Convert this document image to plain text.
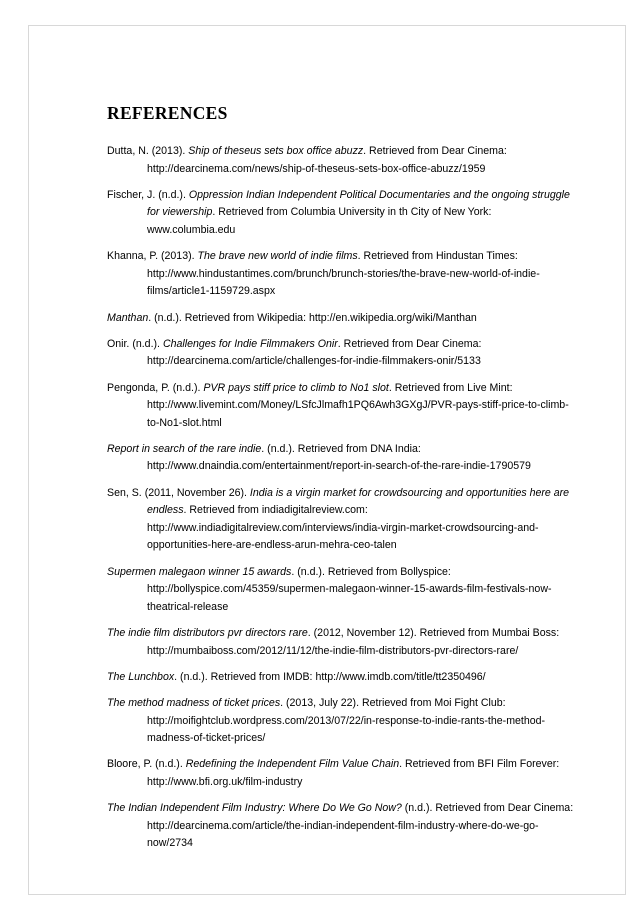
REFERENCES

Dutta, N. (2013). Ship of theseus sets box office abuzz. Retrieved from Dear Cinema: http://dearcinema.com/news/ship-of-theseus-sets-box-office-abuzz/1959

Fischer, J. (n.d.). Oppression Indian Independent Political Documentaries and the ongoing struggle for viewership. Retrieved from Columbia University in th City of New York: www.columbia.edu

Khanna, P. (2013). The brave new world of indie films. Retrieved from Hindustan Times: http://www.hindustantimes.com/brunch/brunch-stories/the-brave-new-world-of-indie-films/article1-1159729.aspx

Manthan. (n.d.). Retrieved from Wikipedia: http://en.wikipedia.org/wiki/Manthan

Onir. (n.d.). Challenges for Indie Filmmakers Onir. Retrieved from Dear Cinema: http://dearcinema.com/article/challenges-for-indie-filmmakers-onir/5133

Pengonda, P. (n.d.). PVR pays stiff price to climb to No1 slot. Retrieved from Live Mint: http://www.livemint.com/Money/LSfcJlmafh1PQ6Awh3GXgJ/PVR-pays-stiff-price-to-climb-to-No1-slot.html

Report in search of the rare indie. (n.d.). Retrieved from DNA India: http://www.dnaindia.com/entertainment/report-in-search-of-the-rare-indie-1790579

Sen, S. (2011, November 26). India is a virgin market for crowdsourcing and opportunities here are endless. Retrieved from indiadigitalreview.com: http://www.indiadigitalreview.com/interviews/india-virgin-market-crowdsourcing-and-opportunities-here-are-endless-arun-mehra-ceo-talen

Supermen malegaon winner 15 awards. (n.d.). Retrieved from Bollyspice: http://bollyspice.com/45359/supermen-malegaon-winner-15-awards-film-festivals-now-theatrical-release

The indie film distributors pvr directors rare. (2012, November 12). Retrieved from Mumbai Boss: http://mumbaiboss.com/2012/11/12/the-indie-film-distributors-pvr-directors-rare/

The Lunchbox. (n.d.). Retrieved from IMDB: http://www.imdb.com/title/tt2350496/

The method madness of ticket prices. (2013, July 22). Retrieved from Moi Fight Club: http://moifightclub.wordpress.com/2013/07/22/in-response-to-indie-rants-the-method-madness-of-ticket-prices/

Bloore, P. (n.d.). Redefining the Independent Film Value Chain. Retrieved from BFI Film Forever: http://www.bfi.org.uk/film-industry

The Indian Independent Film Industry: Where Do We Go Now? (n.d.). Retrieved from Dear Cinema: http://dearcinema.com/article/the-indian-independent-film-industry-where-do-we-go-now/2734
